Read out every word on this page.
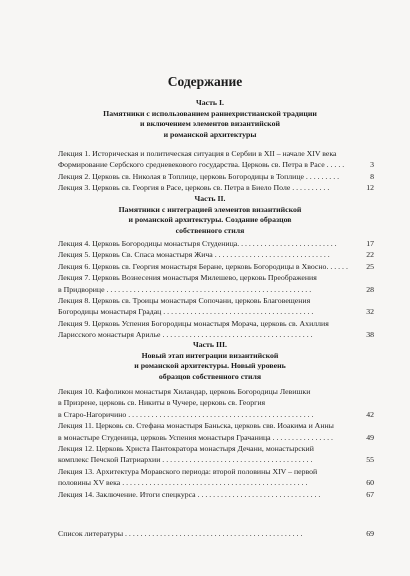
Содержание
Часть I.
Памятники с использованием раннехристианской традиции
и включением элементов византийской
и романской архитектуры
Лекция 1. Историческая и политическая ситуация в Сербии в XII – начале XIV века
Формирование Сербского средневекового государства. Церковь св. Петра в Расе . . . . .	3
Лекция 2. Церковь св. Николая в Топлице, церковь Богородицы в Топлице . . . . . . . . .	8
Лекция 3. Церковь св. Георгия в Расе, церковь св. Петра в Биело Поле . . . . . . . . . .	12
Часть II.
Памятники с интеграцией элементов византийской
и романской архитектуры. Создание образцов
собственного стиля
Лекция 4. Церковь Богородицы монастыря Студеница. . . . . . . . . . . . . . . . . . . . . . . . . .	17
Лекция 5. Церковь Св. Спаса монастыря Жича . . . . . . . . . . . . . . . . . . . . . . . . . . . . . .	22
Лекция 6. Церковь св. Георгия монастыря Беране, церковь Богородицы в Хвосно. . . . . .	25
Лекция 7. Церковь Вознесения монастыря Милешево, церковь Преображения
в Придворице . . . . . . . . . . . . . . . . . . . . . . . . . . . . . . . . . . . . . . . . . . . . . . . . . . . . .	28
Лекция 8. Церковь св. Троицы монастыря Сопочани, церковь Благовещения
Богородицы монастыря Градац . . . . . . . . . . . . . . . . . . . . . . . . . . . . . . . . . . . . . . .	32
Лекция 9. Церковь Успения Богородицы монастыря Морача, церковь св. Ахиллия
Ларисского монастыря Арилье . . . . . . . . . . . . . . . . . . . . . . . . . . . . . . . . . . . . . . .	38
Часть III.
Новый этап интеграции византийской
и романской архитектуры. Новый уровень
образцов собственного стиля
Лекция 10. Кафоликон монастыря Хиландар, церковь Богородицы Левишки
в Призрене, церковь св. Никиты в Чучере, церковь св. Георгия
в Старо-Нагоричино . . . . . . . . . . . . . . . . . . . . . . . . . . . . . . . . . . . . . . . . . . . . . . . .	42
Лекция 11. Церковь св. Стефана монастыря Баньска, церковь свв. Иоакима и Анны
в монастыре Студеница, церковь Успения монастыря Грачаница . . . . . . . . . . . . . . . .	49
Лекция 12. Церковь Христа Пантократора монастыря Дечани, монастырский
комплекс Печской Патриархии . . . . . . . . . . . . . . . . . . . . . . . . . . . . . . . . . . . . . . .	55
Лекция 13. Архитектура Моравского периода: второй половины XIV – первой
половины XV века . . . . . . . . . . . . . . . . . . . . . . . . . . . . . . . . . . . . . . . . . . . . . . . .	60
Лекция 14. Заключение. Итоги спецкурса . . . . . . . . . . . . . . . . . . . . . . . . . . . . . . . .	67
Список литературы . . . . . . . . . . . . . . . . . . . . . . . . . . . . . . . . . . . . . . . . . . . . . .	69
